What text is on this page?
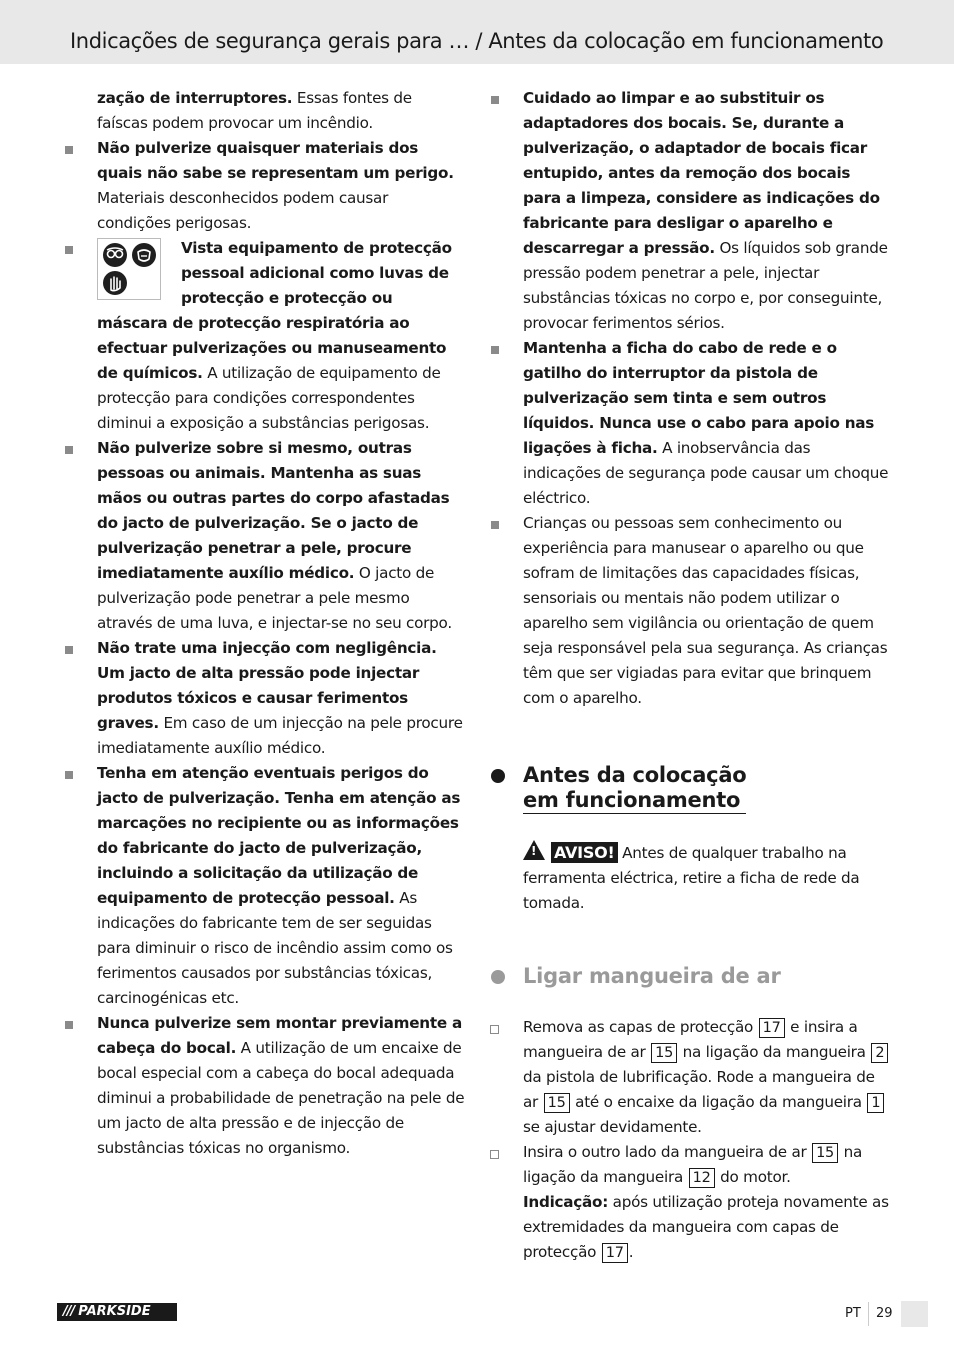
Indicações de segurança gerais para … / Antes da colocação em funcionamento

zação de interruptores. Essas fontes de faíscas podem provocar um incêndio.

Não pulverize quaisquer materiais dos quais não sabe se representam um perigo. Materiais desconhecidos podem causar condições perigosas.

Vista equipamento de protecção pessoal adicional como luvas de protecção e protecção ou máscara de protecção respiratória ao efectuar pulverizações ou manuseamento de químicos. A utilização de equipamento de protecção para condições correspondentes diminui a exposição a substâncias perigosas.

Não pulverize sobre si mesmo, outras pessoas ou animais. Mantenha as suas mãos ou outras partes do corpo afastadas do jacto de pulverização. Se o jacto de pulverização penetrar a pele, procure imediatamente auxílio médico. O jacto de pulverização pode penetrar a pele mesmo através de uma luva, e injectar-se no seu corpo.

Não trate uma injecção com negligência. Um jacto de alta pressão pode injectar produtos tóxicos e causar ferimentos graves. Em caso de um injecção na pele procure imediatamente auxílio médico.

Tenha em atenção eventuais perigos do jacto de pulverização. Tenha em atenção as marcações no recipiente ou as informações do fabricante do jacto de pulverização, incluindo a solicitação da utilização de equipamento de protecção pessoal. As indicações do fabricante tem de ser seguidas para diminuir o risco de incêndio assim como os ferimentos causados por substâncias tóxicas, carcinogénicas etc.

Nunca pulverize sem montar previamente a cabeça do bocal. A utilização de um encaixe de bocal especial com a cabeça do bocal adequada diminui a probabilidade de penetração na pele de um jacto de alta pressão e de injecção de substâncias tóxicas no organismo.

Cuidado ao limpar e ao substituir os adaptadores dos bocais. Se, durante a pulverização, o adaptador de bocais ficar entupido, antes da remoção dos bocais para a limpeza, considere as indicações do fabricante para desligar o aparelho e descarregar a pressão. Os líquidos sob grande pressão podem penetrar a pele, injectar substâncias tóxicas no corpo e, por conseguinte, provocar ferimentos sérios.

Mantenha a ficha do cabo de rede e o gatilho do interruptor da pistola de pulverização sem tinta e sem outros líquidos. Nunca use o cabo para apoio nas ligações à ficha. A inobservância das indicações de segurança pode causar um choque eléctrico.

Crianças ou pessoas sem conhecimento ou experiência para manusear o aparelho ou que sofram de limitações das capacidades físicas, sensoriais ou mentais não podem utilizar o aparelho sem vigilância ou orientação de quem seja responsável pela sua segurança. As crianças têm que ser vigiadas para evitar que brinquem com o aparelho.

Antes da colocação
em funcionamento

!AVISO! Antes de qualquer trabalho na ferramenta eléctrica, retire a ficha de rede da tomada.

Ligar mangueira de ar

Remova as capas de protecção 17 e insira a mangueira de ar 15 na ligação da mangueira 2 da pistola de lubrificação. Rode a mangueira de ar 15 até o encaixe da ligação da mangueira 1 se ajustar devidamente.

Insira o outro lado da mangueira de ar 15 na ligação da mangueira 12 do motor.
Indicação: após utilização proteja novamente as extremidades da mangueira com capas de protecção 17 .

/// PARKSIDE	PT 29
